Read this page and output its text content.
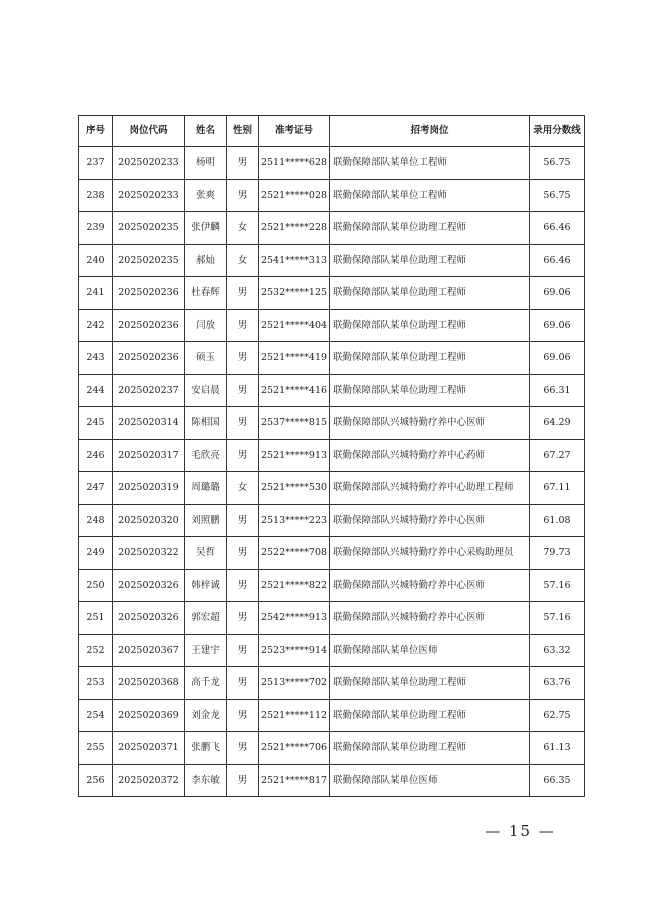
序号	岗位代码	姓名	性别	准考证号	招考岗位	录用分数线
237	2025020233	杨明	男	2511*****628	联勤保障部队某单位工程师	56.75
238	2025020233	张爽	男	2521*****028	联勤保障部队某单位工程师	56.75
239	2025020235	张伊麟	女	2521*****228	联勤保障部队某单位助理工程师	66.46
240	2025020235	郝灿	女	2541*****313	联勤保障部队某单位助理工程师	66.46
241	2025020236	杜春辉	男	2532*****125	联勤保障部队某单位助理工程师	69.06
242	2025020236	闫放	男	2521*****404	联勤保障部队某单位助理工程师	69.06
243	2025020236	硕玉	男	2521*****419	联勤保障部队某单位助理工程师	69.06
244	2025020237	安启晨	男	2521*****416	联勤保障部队某单位助理工程师	66.31
245	2025020314	陈相国	男	2537*****815	联勤保障部队兴城特勤疗养中心医师	64.29
246	2025020317	毛欣亮	男	2521*****913	联勤保障部队兴城特勤疗养中心药师	67.27
247	2025020319	周璐璐	女	2521*****530	联勤保障部队兴城特勤疗养中心助理工程师	67.11
248	2025020320	刘照鹏	男	2513*****223	联勤保障部队兴城特勤疗养中心医师	61.08
249	2025020322	吴哲	男	2522*****708	联勤保障部队兴城特勤疗养中心采购助理员	79.73
250	2025020326	韩梓诚	男	2521*****822	联勤保障部队兴城特勤疗养中心医师	57.16
251	2025020326	郭宏超	男	2542*****913	联勤保障部队兴城特勤疗养中心医师	57.16
252	2025020367	王建宇	男	2523*****914	联勤保障部队某单位医师	63.32
253	2025020368	高千龙	男	2513*****702	联勤保障部队某单位助理工程师	63.76
254	2025020369	刘金龙	男	2521*****112	联勤保障部队某单位助理工程师	62.75
255	2025020371	张鹏飞	男	2521*****706	联勤保障部队某单位助理工程师	61.13
256	2025020372	李东敏	男	2521*****817	联勤保障部队某单位医师	66.35
— 15 —
